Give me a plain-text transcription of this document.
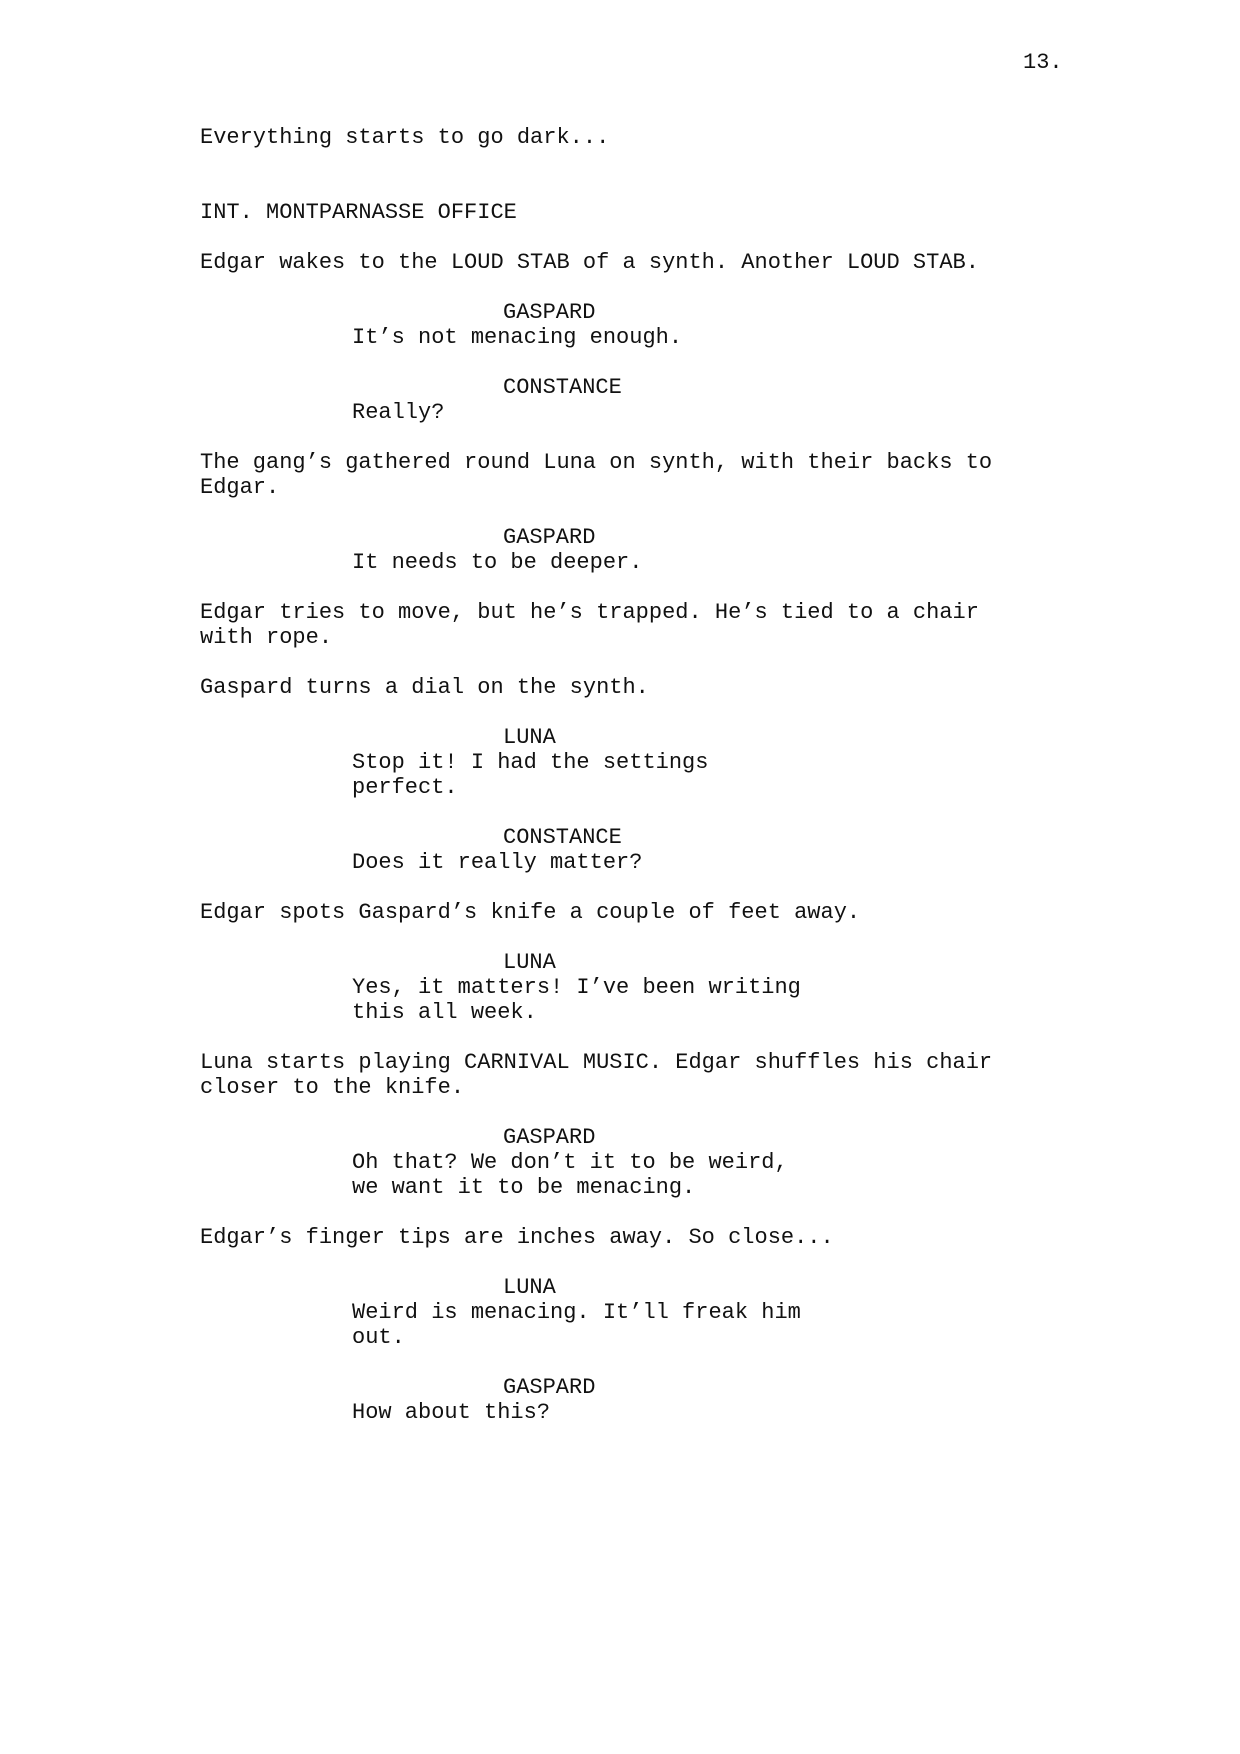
13.
Everything starts to go dark...
INT. MONTPARNASSE OFFICE
Edgar wakes to the LOUD STAB of a synth. Another LOUD STAB.
GASPARD
It’s not menacing enough.
CONSTANCE
Really?
The gang’s gathered round Luna on synth, with their backs to
Edgar.
GASPARD
It needs to be deeper.
Edgar tries to move, but he’s trapped. He’s tied to a chair
with rope.
Gaspard turns a dial on the synth.
LUNA
Stop it! I had the settings
perfect.
CONSTANCE
Does it really matter?
Edgar spots Gaspard’s knife a couple of feet away.
LUNA
Yes, it matters! I’ve been writing
this all week.
Luna starts playing CARNIVAL MUSIC. Edgar shuffles his chair
closer to the knife.
GASPARD
Oh that? We don’t it to be weird,
we want it to be menacing.
Edgar’s finger tips are inches away. So close...
LUNA
Weird is menacing. It’ll freak him
out.
GASPARD
How about this?
